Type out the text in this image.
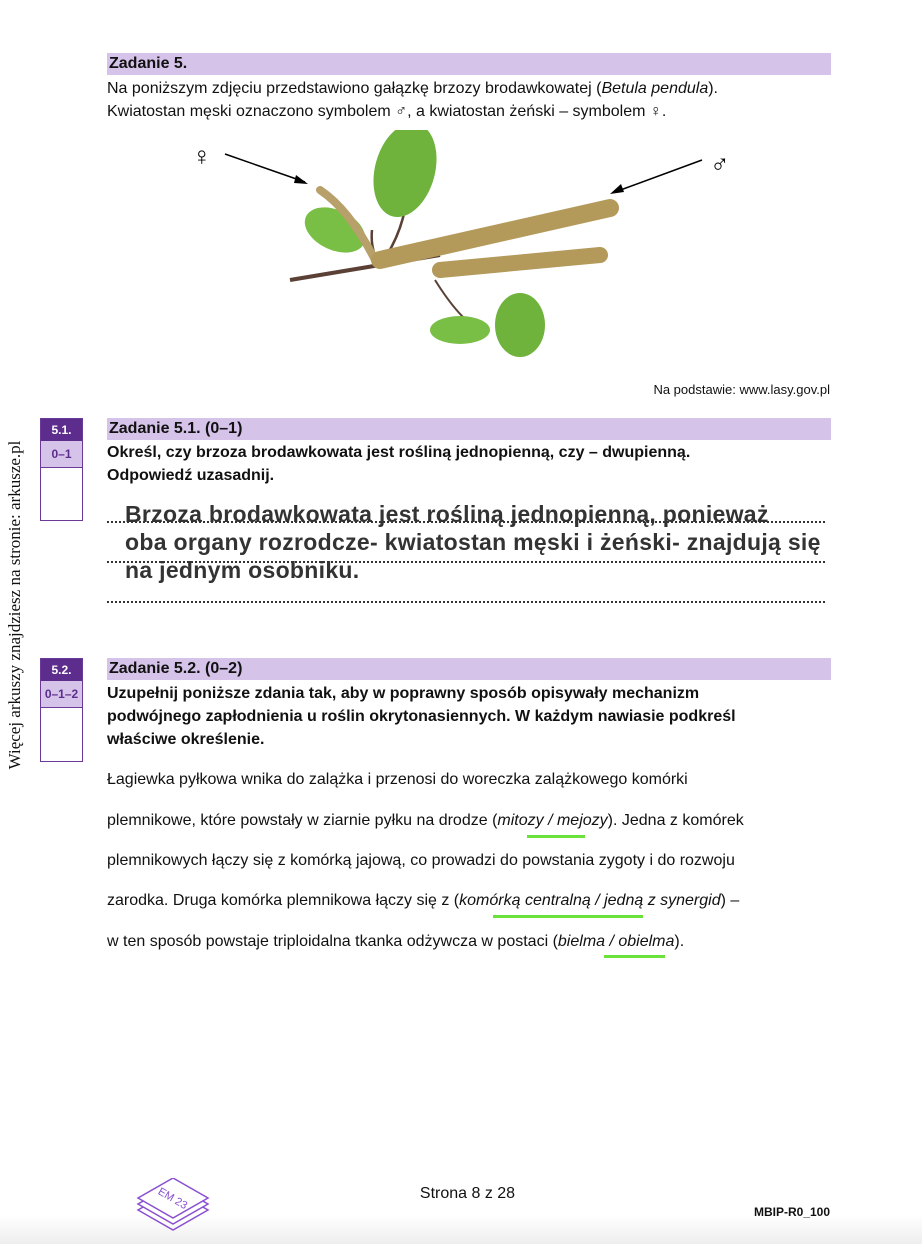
Więcej arkuszy znajdziesz na stronie: arkusze.pl
Zadanie 5.
Na poniższym zdjęciu przedstawiono gałązkę brzozy brodawkowatej (Betula pendula).
Kwiatostan męski oznaczono symbolem ♂, a kwiatostan żeński – symbolem ♀.
♀	♂
Na podstawie: www.lasy.gov.pl
5.1.
0–1
Zadanie 5.1. (0–1)
Określ, czy brzoza brodawkowata jest rośliną jednopienną, czy – dwupienną.
Odpowiedź uzasadnij.
Brzoza brodawkowata jest rośliną jednopienną, ponieważ
oba organy rozrodcze- kwiatostan męski i żeński- znajdują się
na jednym osobniku.
5.2.
0–1–2
Zadanie 5.2. (0–2)
Uzupełnij poniższe zdania tak, aby w poprawny sposób opisywały mechanizm
podwójnego zapłodnienia u roślin okrytonasiennych. W każdym nawiasie podkreśl
właściwe określenie.
Łagiewka pyłkowa wnika do zalążka i przenosi do woreczka zalążkowego komórki
plemnikowe, które powstały w ziarnie pyłku na drodze (mitozy / mejozy). Jedna z komórek
plemnikowych łączy się z komórką jajową, co prowadzi do powstania zygoty i do rozwoju
zarodka. Druga komórka plemnikowa łączy się z (komórką centralną / jedną z synergid) –
w ten sposób powstaje triploidalna tkanka odżywcza w postaci (bielma / obielma).
EM 23	Strona 8 z 28
MBIP-R0_100
